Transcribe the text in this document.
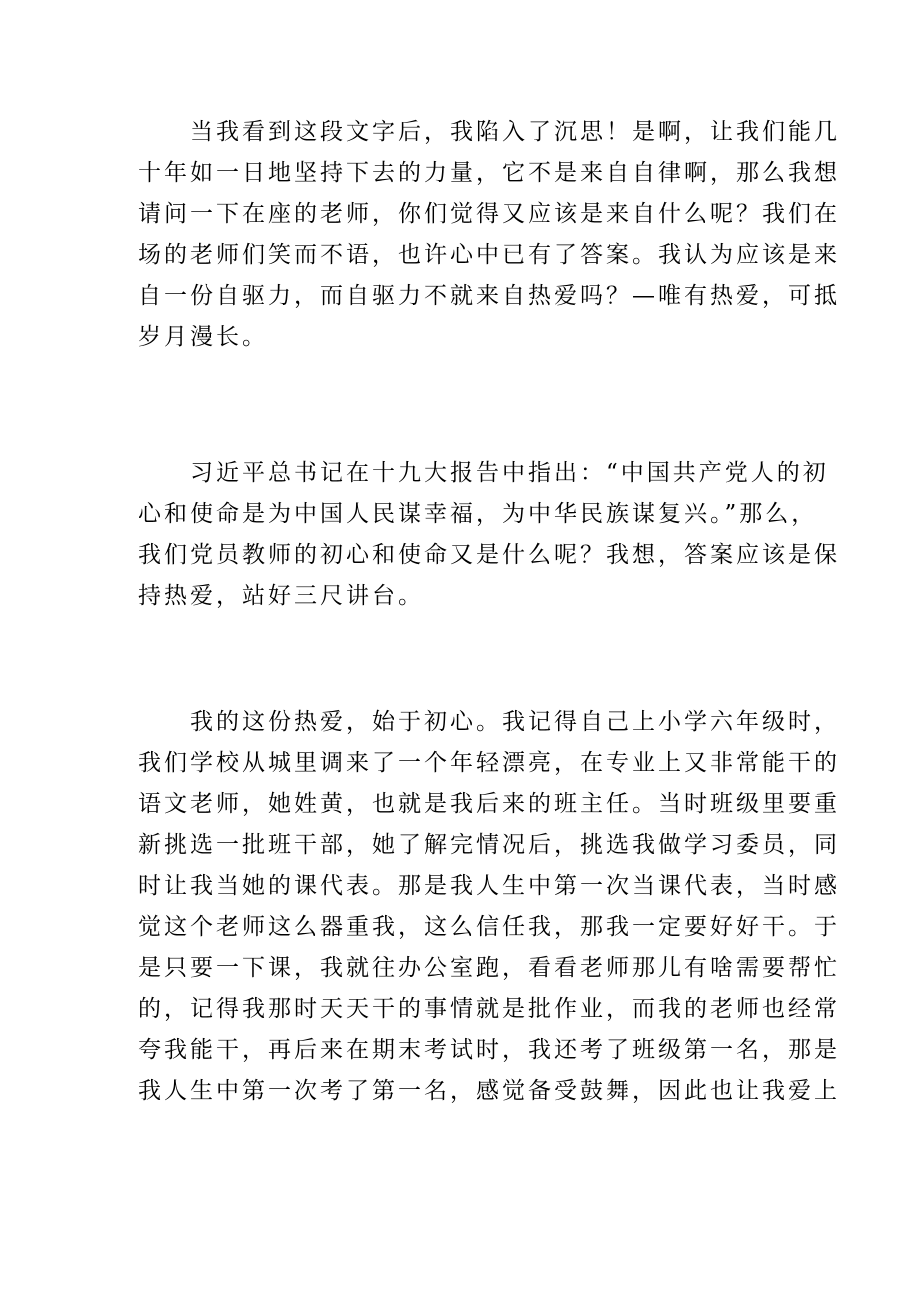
当我看到这段文字后，我陷入了沉思！是啊，让我们能几
十年如一日地坚持下去的力量，它不是来自自律啊，那么我想
请问一下在座的老师，你们觉得又应该是来自什么呢？我们在
场的老师们笑而不语，也许心中已有了答案。我认为应该是来
自一份自驱力，而自驱力不就来自热爱吗？—唯有热爱，可抵
岁月漫长。

习近平总书记在十九大报告中指出：“中国共产党人的初
心和使命是为中国人民谋幸福，为中华民族谋复兴。”那么，
我们党员教师的初心和使命又是什么呢？我想，答案应该是保
持热爱，站好三尺讲台。

我的这份热爱，始于初心。我记得自己上小学六年级时，
我们学校从城里调来了一个年轻漂亮，在专业上又非常能干的
语文老师，她姓黄，也就是我后来的班主任。当时班级里要重
新挑选一批班干部，她了解完情况后，挑选我做学习委员，同
时让我当她的课代表。那是我人生中第一次当课代表，当时感
觉这个老师这么器重我，这么信任我，那我一定要好好干。于
是只要一下课，我就往办公室跑，看看老师那儿有啥需要帮忙
的，记得我那时天天干的事情就是批作业，而我的老师也经常
夸我能干，再后来在期末考试时，我还考了班级第一名，那是
我人生中第一次考了第一名，感觉备受鼓舞，因此也让我爱上
